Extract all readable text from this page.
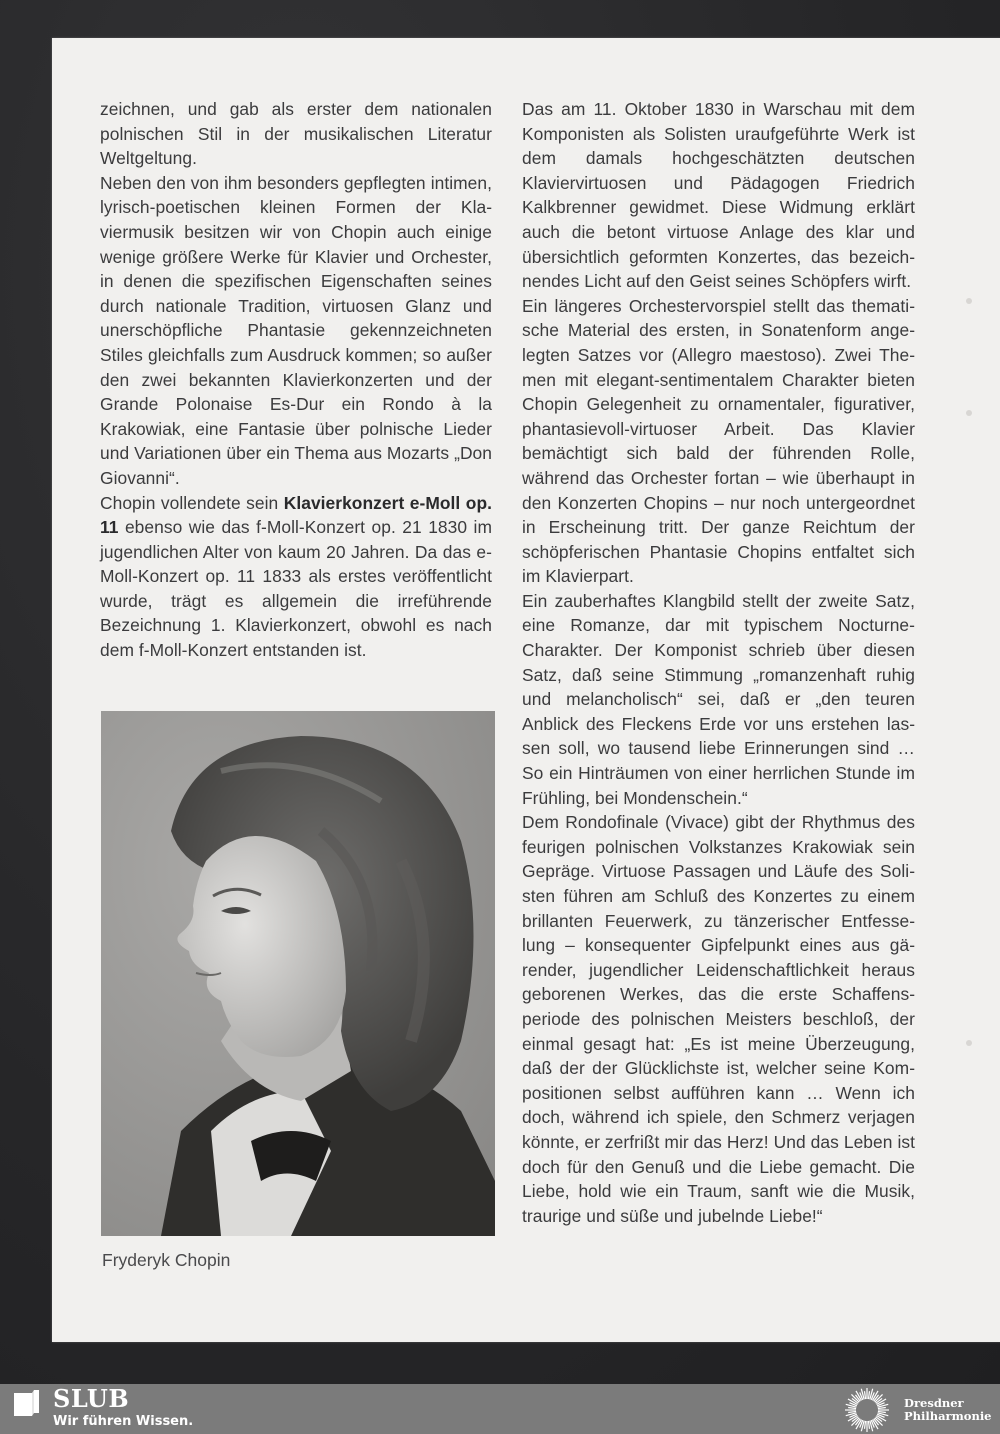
zeichnen, und gab als erster dem nationalen polnischen Stil in der musikalischen Literatur Weltgeltung.

Neben den von ihm besonders gepflegten intimen, lyrisch-poetischen kleinen Formen der Klaviermusik besitzen wir von Chopin auch einige wenige größere Werke für Klavier und Orchester, in denen die spezifischen Eigenschaften seines durch nationale Tradition, virtuosen Glanz und unerschöpfliche Phantasie gekennzeichneten Stiles gleichfalls zum Ausdruck kommen; so außer den zwei bekannten Klavierkonzerten und der Grande Polonaise Es-Dur ein Rondo à la Krakowiak, eine Fantasie über polnische Lieder und Variationen über ein Thema aus Mozarts „Don Giovanni“.

Chopin vollendete sein Klavierkonzert e-Moll op. 11 ebenso wie das f-Moll-Konzert op. 21 1830 im jugendlichen Alter von kaum 20 Jahren. Da das e-Moll-Konzert op. 11 1833 als erstes veröffentlicht wurde, trägt es allgemein die irreführende Bezeichnung 1. Klavierkonzert, obwohl es nach dem f-Moll-Konzert entstanden ist.

Fryderyk Chopin

Das am 11. Oktober 1830 in Warschau mit dem Komponisten als Solisten uraufgeführte Werk ist dem damals hochgeschätzten deutschen Klaviervirtuosen und Pädagogen Friedrich Kalkbrenner gewidmet. Diese Widmung erklärt auch die betont virtuose Anlage des klar und übersichtlich geformten Konzertes, das bezeichnendes Licht auf den Geist seines Schöpfers wirft.

Ein längeres Orchestervorspiel stellt das thematische Material des ersten, in Sonatenform angelegten Satzes vor (Allegro maestoso). Zwei Themen mit elegant-sentimentalem Charakter bieten Chopin Gelegenheit zu ornamentaler, figurativer, phantasievoll-virtuoser Arbeit. Das Klavier bemächtigt sich bald der führenden Rolle, während das Orchester fortan – wie überhaupt in den Konzerten Chopins – nur noch untergeordnet in Erscheinung tritt. Der ganze Reichtum der schöpferischen Phantasie Chopins entfaltet sich im Klavierpart.

Ein zauberhaftes Klangbild stellt der zweite Satz, eine Romanze, dar mit typischem Nocturne-Charakter. Der Komponist schrieb über diesen Satz, daß seine Stimmung „romanzenhaft ruhig und melancholisch“ sei, daß er „den teuren Anblick des Fleckens Erde vor uns erstehen lassen soll, wo tausend liebe Erinnerungen sind … So ein Hinträumen von einer herrlichen Stunde im Frühling, bei Mondenschein.“

Dem Rondofinale (Vivace) gibt der Rhythmus des feurigen polnischen Volkstanzes Krakowiak sein Gepräge. Virtuose Passagen und Läufe des Solisten führen am Schluß des Konzertes zu einem brillanten Feuerwerk, zu tänzerischer Entfesselung – konsequenter Gipfelpunkt eines aus gärender, jugendlicher Leidenschaftlichkeit heraus geborenen Werkes, das die erste Schaffensperiode des polnischen Meisters beschloß, der einmal gesagt hat: „Es ist meine Überzeugung, daß der der Glücklichste ist, welcher seine Kompositionen selbst aufführen kann … Wenn ich doch, während ich spiele, den Schmerz verjagen könnte, er zerfrißt mir das Herz! Und das Leben ist doch für den Genuß und die Liebe gemacht. Die Liebe, hold wie ein Traum, sanft wie die Musik, traurige und süße und jubelnde Liebe!“

SLUB
Wir führen Wissen.
Dresdner
Philharmonie
